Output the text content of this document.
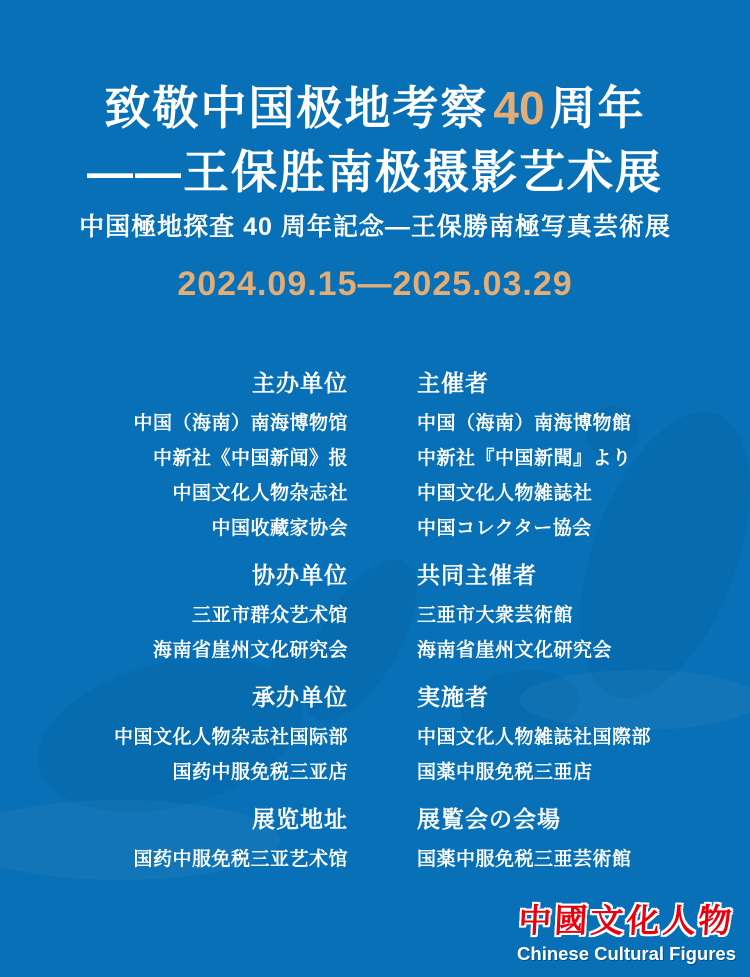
致敬中国极地考察 40 周年
——王保胜南极摄影艺术展
中国極地探査 40 周年記念—王保勝南極写真芸術展
2024.09.15—2025.03.29
主办单位	主催者
中国（海南）南海博物馆	中国（海南）南海博物館
中新社《中国新闻》报	中新社『中国新聞』より
中国文化人物杂志社	中国文化人物雑誌社
中国收藏家协会	中国コレクター協会
协办单位	共同主催者
三亚市群众艺术馆	三亜市大衆芸術館
海南省崖州文化研究会	海南省崖州文化研究会
承办单位	実施者
中国文化人物杂志社国际部	中国文化人物雑誌社国際部
国药中服免税三亚店	国薬中服免税三亜店
展览地址	展覧会の会場
国药中服免税三亚艺术馆	国薬中服免税三亜芸術館
中國文化人物
Chinese Cultural Figures
